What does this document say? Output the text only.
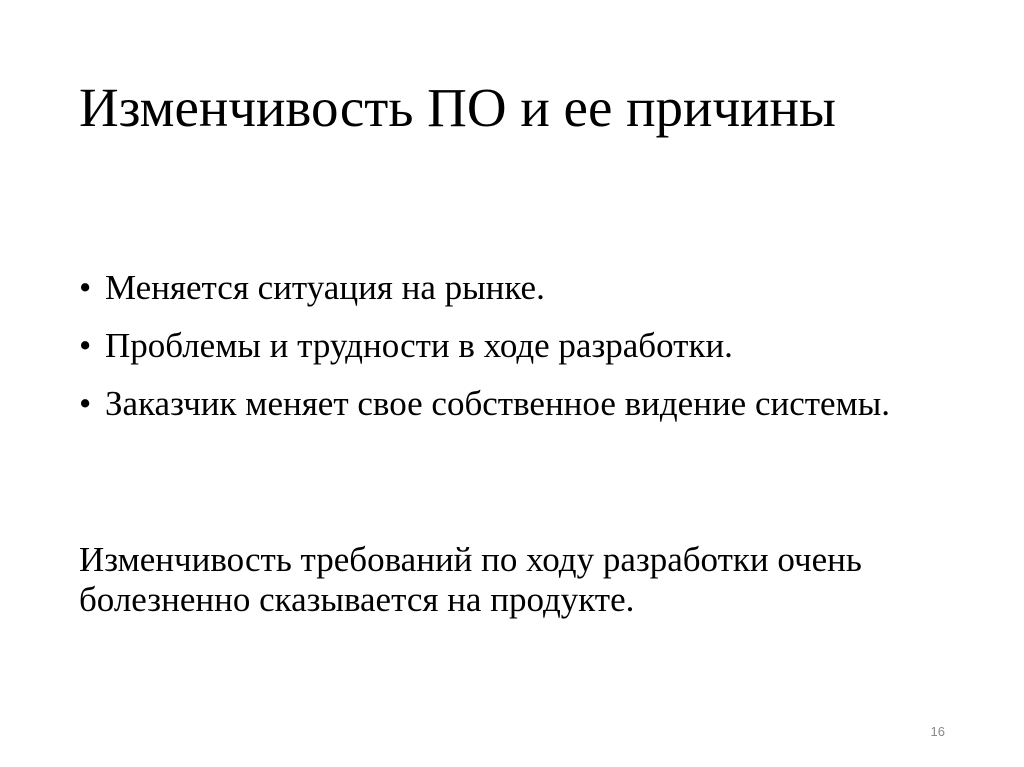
Изменчивость ПО и ее причины
• Меняется ситуация на рынке.
• Проблемы и трудности в ходе разработки.
• Заказчик меняет свое собственное видение системы.

Изменчивость требований по ходу разработки очень болезненно сказывается на продукте.

16
